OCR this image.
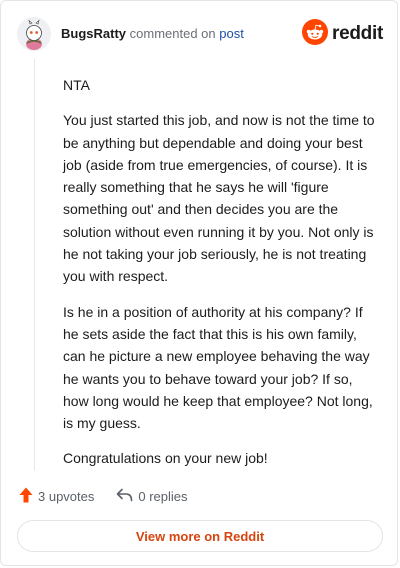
BugsRatty commented on post	reddit

NTA

You just started this job, and now is not the time to be anything but dependable and doing your best job (aside from true emergencies, of course). It is really something that he says he will 'figure something out' and then decides you are the solution without even running it by you. Not only is he not taking your job seriously, he is not treating you with respect.

Is he in a position of authority at his company? If he sets aside the fact that this is his own family, can he picture a new employee behaving the way he wants you to behave toward your job? If so, how long would he keep that employee? Not long, is my guess.

Congratulations on your new job!

3 upvotes	0 replies
View more on Reddit
